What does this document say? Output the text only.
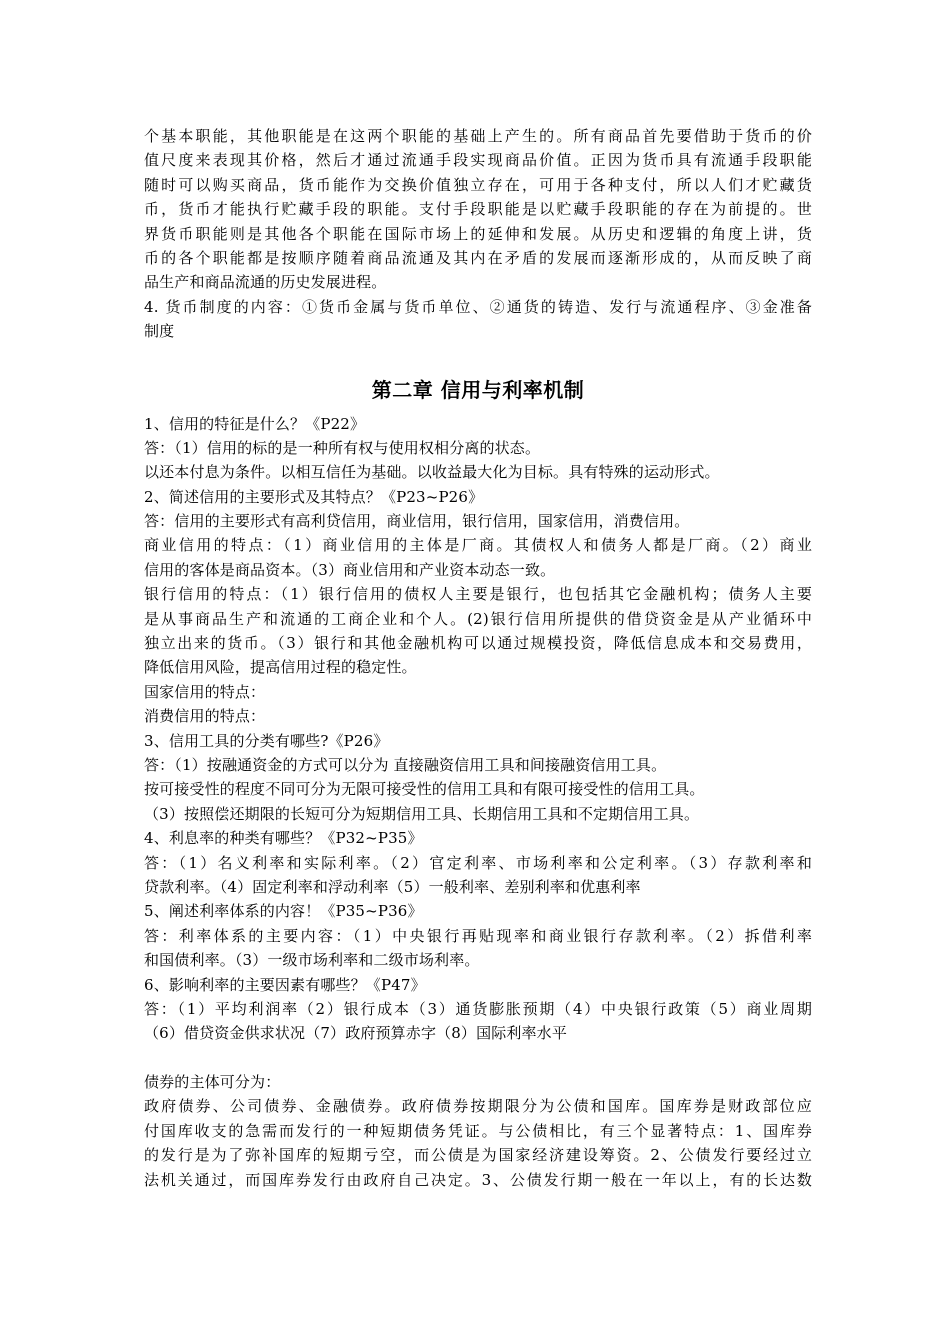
个基本职能，其他职能是在这两个职能的基础上产生的。所有商品首先要借助于货币的价
值尺度来表现其价格，然后才通过流通手段实现商品价值。正因为货币具有流通手段职能
随时可以购买商品，货币能作为交换价值独立存在，可用于各种支付，所以人们才贮藏货
币，货币才能执行贮藏手段的职能。支付手段职能是以贮藏手段职能的存在为前提的。世
界货币职能则是其他各个职能在国际市场上的延伸和发展。从历史和逻辑的角度上讲，货
币的各个职能都是按顺序随着商品流通及其内在矛盾的发展而逐渐形成的，从而反映了商
品生产和商品流通的历史发展进程。
4. 货币制度的内容：①货币金属与货币单位、②通货的铸造、发行与流通程序、③金准备
制度
第二章 信用与利率机制
1、信用的特征是什么？《P22》
答：（1）信用的标的是一种所有权与使用权相分离的状态。
以还本付息为条件。以相互信任为基础。以收益最大化为目标。具有特殊的运动形式。
2、简述信用的主要形式及其特点？《P23~P26》
答：信用的主要形式有高利贷信用，商业信用，银行信用，国家信用，消费信用。
商业信用的特点：（1）商业信用的主体是厂商。其债权人和债务人都是厂商。（2）商业
信用的客体是商品资本。（3）商业信用和产业资本动态一致。
银行信用的特点：（1）银行信用的债权人主要是银行，也包括其它金融机构；债务人主要
是从事商品生产和流通的工商企业和个人。(2)银行信用所提供的借贷资金是从产业循环中
独立出来的货币。（3）银行和其他金融机构可以通过规模投资，降低信息成本和交易费用，
降低信用风险，提高信用过程的稳定性。
国家信用的特点：
消费信用的特点：
3、信用工具的分类有哪些?《P26》
答：（1）按融通资金的方式可以分为 直接融资信用工具和间接融资信用工具。
按可接受性的程度不同可分为无限可接受性的信用工具和有限可接受性的信用工具。
（3）按照偿还期限的长短可分为短期信用工具、长期信用工具和不定期信用工具。
4、利息率的种类有哪些？《P32~P35》
答：（1）名义利率和实际利率。（2）官定利率、市场利率和公定利率。（3）存款利率和
贷款利率。（4）固定利率和浮动利率（5）一般利率、差别利率和优惠利率
5、阐述利率体系的内容！《P35~P36》
答：利率体系的主要内容：（1）中央银行再贴现率和商业银行存款利率。（2）拆借利率
和国债利率。（3）一级市场利率和二级市场利率。
6、影响利率的主要因素有哪些？《P47》
答：（1）平均利润率（2）银行成本（3）通货膨胀预期（4）中央银行政策（5）商业周期
（6）借贷资金供求状况（7）政府预算赤字（8）国际利率水平
债券的主体可分为：
政府债券、公司债券、金融债券。政府债券按期限分为公债和国库。国库券是财政部位应
付国库收支的急需而发行的一种短期债务凭证。与公债相比，有三个显著特点：1、国库券
的发行是为了弥补国库的短期亏空，而公债是为国家经济建设筹资。2、公债发行要经过立
法机关通过，而国库券发行由政府自己决定。3、公债发行期一般在一年以上，有的长达数
